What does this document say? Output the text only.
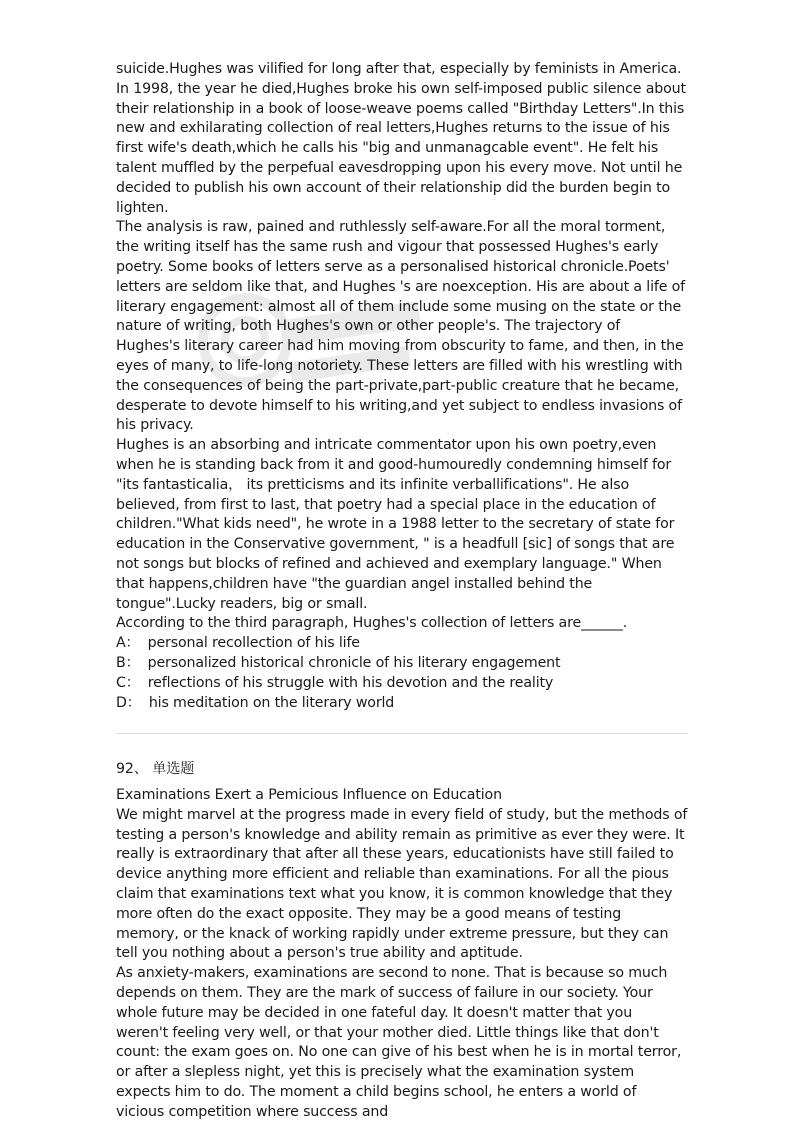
suicide.Hughes was vilified for long after that, especially by feminists in America. In 1998, the year he died,Hughes broke his own self-imposed public silence about their relationship in a book of loose-weave poems called "Birthday Letters".In this new and exhilarating collection of real letters,Hughes returns to the issue of his first wife's death,which he calls his "big and unmanagcable event". He felt his talent muffled by the perpefual eavesdropping upon his every move. Not until he decided to publish his own account of their relationship did the burden begin to lighten.

The analysis is raw, pained and ruthlessly self-aware.For all the moral torment, the writing itself has the same rush and vigour that possessed Hughes's early poetry. Some books of letters serve as a personalised historical chronicle.Poets' letters are seldom like that, and Hughes 's are noexception. His are about a life of literary engagement: almost all of them include some musing on the state or the nature of writing, both Hughes's own or other people's. The trajectory of Hughes's literary career had him moving from obscurity to fame, and then, in the eyes of many, to life-long notoriety. These letters are filled with his wrestling with the consequences of being the part-private,part-public creature that he became, desperate to devote himself to his writing,and yet subject to endless invasions of his privacy.

Hughes is an absorbing and intricate commentator upon his own poetry,even when he is standing back from it and good-humouredly condemning himself for "its fantasticalia， its pretticisms and its infinite verballifications". He also believed, from first to last, that poetry had a special place in the education of children."What kids need", he wrote in a 1988 letter to the secretary of state for education in the Conservative government, " is a headfull [sic] of songs that are not songs but blocks of refined and achieved and exemplary language." When that happens,children have "the guardian angel installed behind the tongue".Lucky readers, big or small.

According to the third paragraph, Hughes's collection of letters are______.

A： personal recollection of his life
B： personalized historical chronicle of his literary engagement
C： reflections of his struggle with his devotion and the reality
D： his meditation on the literary world

92、 单选题

Examinations Exert a Pemicious Influence on Education

We might marvel at the progress made in every field of study, but the methods of testing a person's knowledge and ability remain as primitive as ever they were. It really is extraordinary that after all these years, educationists have still failed to device anything more efficient and reliable than examinations. For all the pious claim that examinations text what you know, it is common knowledge that they more often do the exact opposite. They may be a good means of testing memory, or the knack of working rapidly under extreme pressure, but they can tell you nothing about a person's true ability and aptitude.

As anxiety-makers, examinations are second to none. That is because so much depends on them. They are the mark of success of failure in our society. Your whole future may be decided in one fateful day. It doesn't matter that you weren't feeling very well, or that your mother died. Little things like that don't count: the exam goes on. No one can give of his best when he is in mortal terror, or after a slepless night, yet this is precisely what the examination system expects him to do. The moment a child begins school, he enters a world of vicious competition where success and
